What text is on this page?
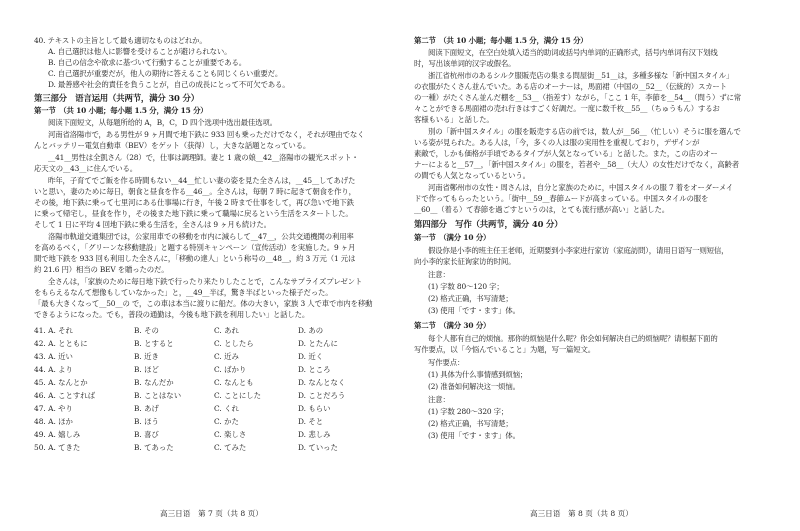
40. テキストの主旨として最も適切なものはどれか。
A. 自己選択は他人に影響を受けることが避けられない。
B. 自己の信念や欲求に基づいて行動することが重要である。
C. 自己選択が重要だが，他人の期待に答えることも同じくらい重要だ。
D. 最善感や社会的責任を負うことが，自己の成長にとって不可欠である。
第三部分　语言运用（共两节，满分 30 分）
第一节　（共 10 小题；每小题 1.5 分，满分 15 分）
阅读下面短文，从每题所给的 A，B，C，D 四个选项中选出最佳选项。
河南省洛陽市で，ある男性が 9 ヶ月間で地下鉄に 933 回も乗っただけでなく，それが理由でなく
んとバッテリー電気自動車（BEV）をゲット（获得）し，大きな話題となっている。
__41__男性は全凱さん（28）で，仕事は調理師。妻と 1 歳の娘__42__洛陽市の観光スポット・
応天文の__43__に住んでいる。
昨年，子育てでご飯を作る時間もない__44__忙しい妻の姿を見た全さんは，__45__してあげた
いと思い，妻のために毎日，朝食と昼食を作る__46__。全さんは，毎朝 7 時に起きて朝食を作り，
その後，地下鉄に乗って七里河にある仕事場に行き，午後 2 時まで仕事をして，再び急いで地下鉄
に乗って帰宅し，昼食を作り，その後また地下鉄に乗って職場に戻るという生活をスタートした。
そして 1 日に平均 4 回地下鉄に乗る生活を，全さんは 9 ヶ月も続けた。
洛陽市軌道交通集団では，公家用車での移動を市内に減らして__47__，公共交通機関の利用率
を高めるべく，「グリーンな移動建設」と題する特別キャンペーン（宣传活动）を実施した。9 ヶ月
間で地下鉄を 933 回も利用した全さんに，「移動の達人」という称号の__48__，約 3 万元（1 元は
約 21.6 円）相当の BEV を贈ったのだ。
全さんは，「家族のために毎日地下鉄で行ったり来たりしたことで，こんなサプライズプレゼント
をもらえるなんて想像もしていなかった」と，__49__半ば，驚き半ばといった様子だった。
「最も大きくなって__50__の で，この車は本当に渡りに船だ。体の大きい，家族 3 人で車で市内を移動
できるようになった。でも，普段の通勤は，今後も地下鉄を利用したい」と話した。
41. A. それ	B. その	C. あれ	D. あの
42. A. とともに	B. とすると	C. としたら	D. とたんに
43. A. 近い	B. 近き	C. 近み	D. 近く
44. A. より	B. ほど	C. ばかり	D. ところ
45. A. なんとか	B. なんだか	C. なんとも	D. なんとなく
46. A. ことすれば	B. ことはない	C. ことにした	D. ことだろう
47. A. やり	B. あげ	C. くれ	D. もらい
48. A. ほか	B. ほう	C. かた	D. そと
49. A. 嬉しみ	B. 喜び	C. 楽しさ	D. 悲しみ
50. A. てきた	B. てあった	C. てみた	D. ていった
高三日语　第 7 页（共 8 页）
第二节　（共 10 小题；每小题 1.5 分，满分 15 分）
阅读下面短文，在空白处填入适当的助词或括号内单词的正确形式，括号内单词有汉下划线
时，写出该单词的汉字或假名。
浙江省杭州市のあるシルク服販売店の集まる問屋街__51__は，多種多様な「新中国スタイル」
の衣服がたくさん並んでいた。ある店のオーナーは，馬面裙（中国の__52__（伝統的）スカート
の一種）がたくさん並んだ棚を__53__（指差す）ながら，「ここ 1 年，李節を__54__（問う）ずに常
々ことができる馬面裙の売れ行きはすごく好調だ。一度に数千枚__55__（ちゅうもん）するお
客様もいる」と話した。
別の「新中国スタイル」の服を販売する店の前では，数人が__56__（忙しい）そうに服を選んで
いる姿が見られた。ある人は，「今，多くの人は服の実用性を重視しており，デザインが
素敵で，しかも価格が手頃であるタイプが人気となっている」と話した。また，この店のオー
ナーによると__57__，「新中国スタイル」の服を，若者や__58__（大人）の女性だけでなく，高齢者
の間でも人気となっているという。
河南省鄭州市の女性・周さんは，自分と家族のために，中国スタイルの服 7 着をオーダーメイ
ドで作ってもらったという。「街中__59__春節ムードが高まっている。中国スタイルの服を
__60__（着る）て春節を過ごすというのは，とても流行感が高い」と話した。
第四部分　写作（共两节，满分 40 分）
第一节　（满分 10 分）
假设你是小李的班主任王老师，近期要到小李家进行家访（家庭訪問），请用日语写一则短信，
向小李的家长征询家访的时间。
注意：
(1) 字数 80～120 字；
(2) 格式正确，书写清楚；
(3) 使用「です・ます」体。
第二节　（满分 30 分）
每个人都有自己的烦恼。那你的烦恼是什么呢？你会如何解决自己的烦恼呢？请根据下面的
写作要点，以「今悩んでいること」为题，写一篇短文。
写作要点：
(1) 具体为什么事情感到烦恼；
(2) 准备如何解决这一烦恼。
注意：
(1) 字数 280～320 字；
(2) 格式正确，书写清楚；
(3) 使用「です・ます」体。
高三日语　第 8 页（共 8 页）
